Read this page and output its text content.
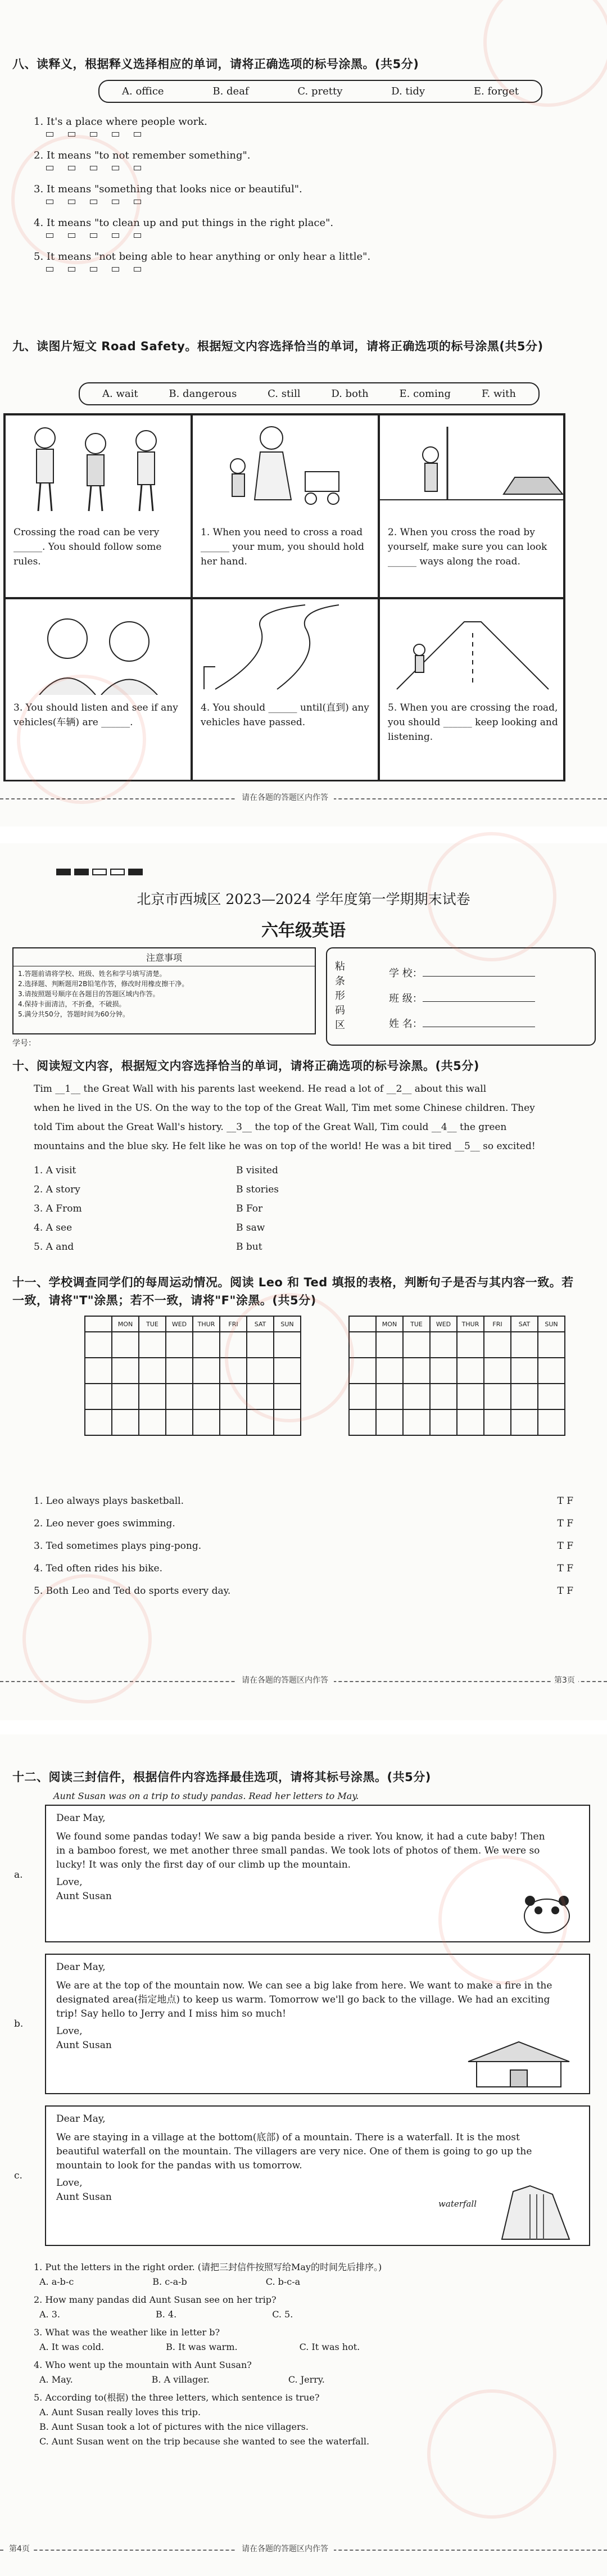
八、读释义，根据释义选择相应的单词，请将正确选项的标号涂黑。(共5分)
A. office	B. deaf	C. pretty	D. tidy	E. forget
1. It's a place where people work.
2. It means "to not remember something".
3. It means "something that looks nice or beautiful".
4. It means "to clean up and put things in the right place".
5. It means "not being able to hear anything or only hear a little".
九、读图片短文 Road Safety。根据短文内容选择恰当的单词，请将正确选项的标号涂黑(共5分)
A. wait	B. dangerous	C. still	D. both	E. coming	F. with
Crossing the road can be very ______. You should follow some rules.
1. When you need to cross a road ______ your mum, you should hold her hand.
2. When you cross the road by yourself, make sure you can look ______ ways along the road.
3. You should listen and see if any vehicles(车辆) are ______.
4. You should ______ until(直到) any vehicles have passed.
5. When you are crossing the road, you should ______ keep looking and listening.
请在各题的答题区内作答
北京市西城区 2023—2024 学年度第一学期期末试卷
六年级英语
注意事项
1.答题前请将学校、班级、姓名和学号填写清楚。
2.选择题、判断题用2B铅笔作答，修改时用橡皮擦干净。
3.请按照题号顺序在各题目的答题区域内作答。
4.保持卡面清洁，不折叠，不破损。
5.满分共50分，答题时间为60分钟。
学号：
粘条形码区
学 校：
班 级：
姓 名：
十、阅读短文内容，根据短文内容选择恰当的单词，请将正确选项的标号涂黑。(共5分)
Tim __1__ the Great Wall with his parents last weekend. He read a lot of __2__ about this wall
when he lived in the US. On the way to the top of the Great Wall, Tim met some Chinese children. They
told Tim about the Great Wall's history. __3__ the top of the Great Wall, Tim could __4__ the green
mountains and the blue sky. He felt like he was on top of the world! He was a bit tired __5__ so excited!
1. A visit	B visited
2. A story	B stories
3. A From	B For
4. A see	B saw
5. A and	B but
十一、学校调查同学们的每周运动情况。阅读 Leo 和 Ted 填报的表格，判断句子是否与其内容一致。若一致，请将"T"涂黑；若不一致，请将"F"涂黑。(共5分)
	MON	TUE	WED	THUR	FRI	SAT	SUN

		MON	TUE	WED	THUR	FRI	SAT	SUN

1. Leo always plays basketball.	T F
2. Leo never goes swimming.	T F
3. Ted sometimes plays ping-pong.	T F
4. Ted often rides his bike.	T F
5. Both Leo and Ted do sports every day.	T F
请在各题的答题区内作答	第3页
十二、阅读三封信件，根据信件内容选择最佳选项，请将其标号涂黑。(共5分)
Aunt Susan was on a trip to study pandas. Read her letters to May.
a.
Dear May,
We found some pandas today! We saw a big panda beside a river. You know, it had a cute baby! Then in a bamboo forest, we met another three small pandas. We took lots of photos of them. We were so lucky! It was only the first day of our climb up the mountain.
Love,
Aunt Susan
b.
Dear May,
We are at the top of the mountain now. We can see a big lake from here. We want to make a fire in the designated area(指定地点) to keep us warm. Tomorrow we'll go back to the village. We had an exciting trip! Say hello to Jerry and I miss him so much!
Love,
Aunt Susan
c.
Dear May,
We are staying in a village at the bottom(底部) of a mountain. There is a waterfall. It is the most beautiful waterfall on the mountain. The villagers are very nice. One of them is going to go up the mountain to look for the pandas with us tomorrow.
Love,
Aunt Susan
waterfall
1. Put the letters in the right order. (请把三封信件按照写给May的时间先后排序。)
A. a-b-c	B. c-a-b	C. b-c-a
2. How many pandas did Aunt Susan see on her trip?
A. 3.	B. 4.	C. 5.
3. What was the weather like in letter b?
A. It was cold.	B. It was warm.	C. It was hot.
4. Who went up the mountain with Aunt Susan?
A. May.	B. A villager.	C. Jerry.
5. According to(根据) the three letters, which sentence is true?
A. Aunt Susan really loves this trip.
B. Aunt Susan took a lot of pictures with the nice villagers.
C. Aunt Susan went on the trip because she wanted to see the waterfall.
第4页	请在各题的答题区内作答
